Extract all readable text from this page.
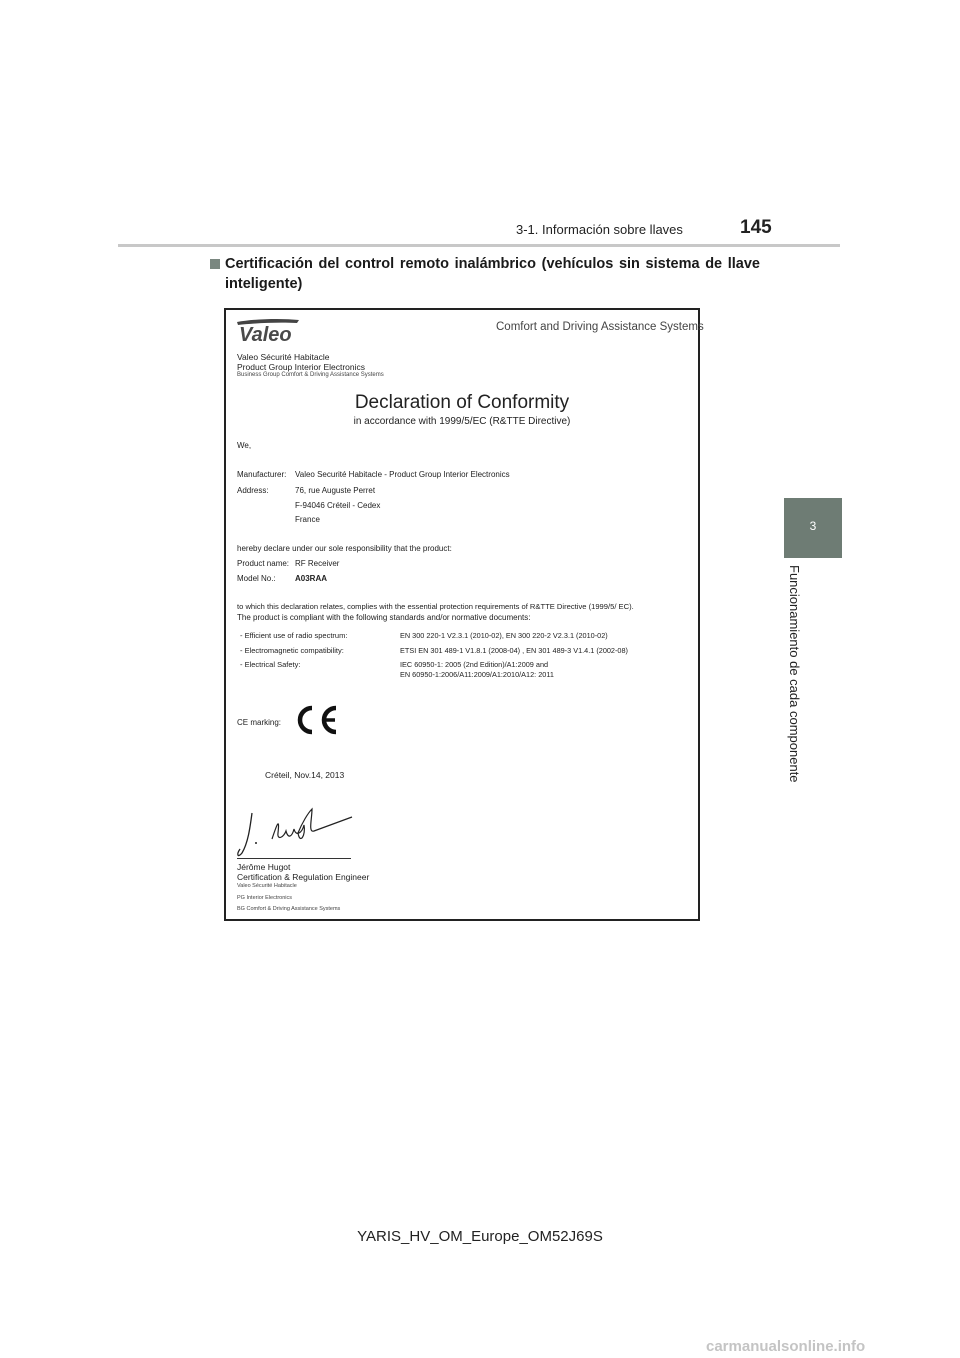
3-1. Información sobre llaves	145
3
Funcionamiento de cada componente
Certificación del control remoto inalámbrico (vehículos sin sistema de llave inteligente)
Valeo	Comfort and Driving Assistance Systems
Valeo Sécurité Habitacle
Product Group Interior Electronics
Business Group Comfort & Driving Assistance Systems
Declaration of Conformity
in accordance with 1999/5/EC (R&TTE Directive)
We,
Manufacturer: Valeo Securité Habitacle - Product Group Interior Electronics
Address:	76, rue Auguste Perret
F-94046 Créteil - Cedex
France
hereby declare under our sole responsibility that the product:
Product name: RF Receiver
Model No.: A03RAA
to which this declaration relates, complies with the essential protection requirements of R&TTE Directive (1999/5/ EC).
The product is compliant with the following standards and/or normative documents:
- Efficient use of radio spectrum:	EN 300 220-1 V2.3.1 (2010-02), EN 300 220-2 V2.3.1 (2010-02)
- Electromagnetic compatibility:	ETSI EN 301 489-1 V1.8.1 (2008-04) , EN 301 489-3 V1.4.1 (2002-08)
- Electrical Safety:	IEC 60950-1: 2005 (2nd Edition)/A1:2009 and
EN 60950-1:2006/A11:2009/A1:2010/A12: 2011
CE marking:
Créteil, Nov.14, 2013
Jérôme Hugot
Certification & Regulation Engineer
Valeo Sécurité Habitacle
PG Interior Electronics
BG Comfort & Driving Assistance Systems
YARIS_HV_OM_Europe_OM52J69S
carmanualsonline.info
